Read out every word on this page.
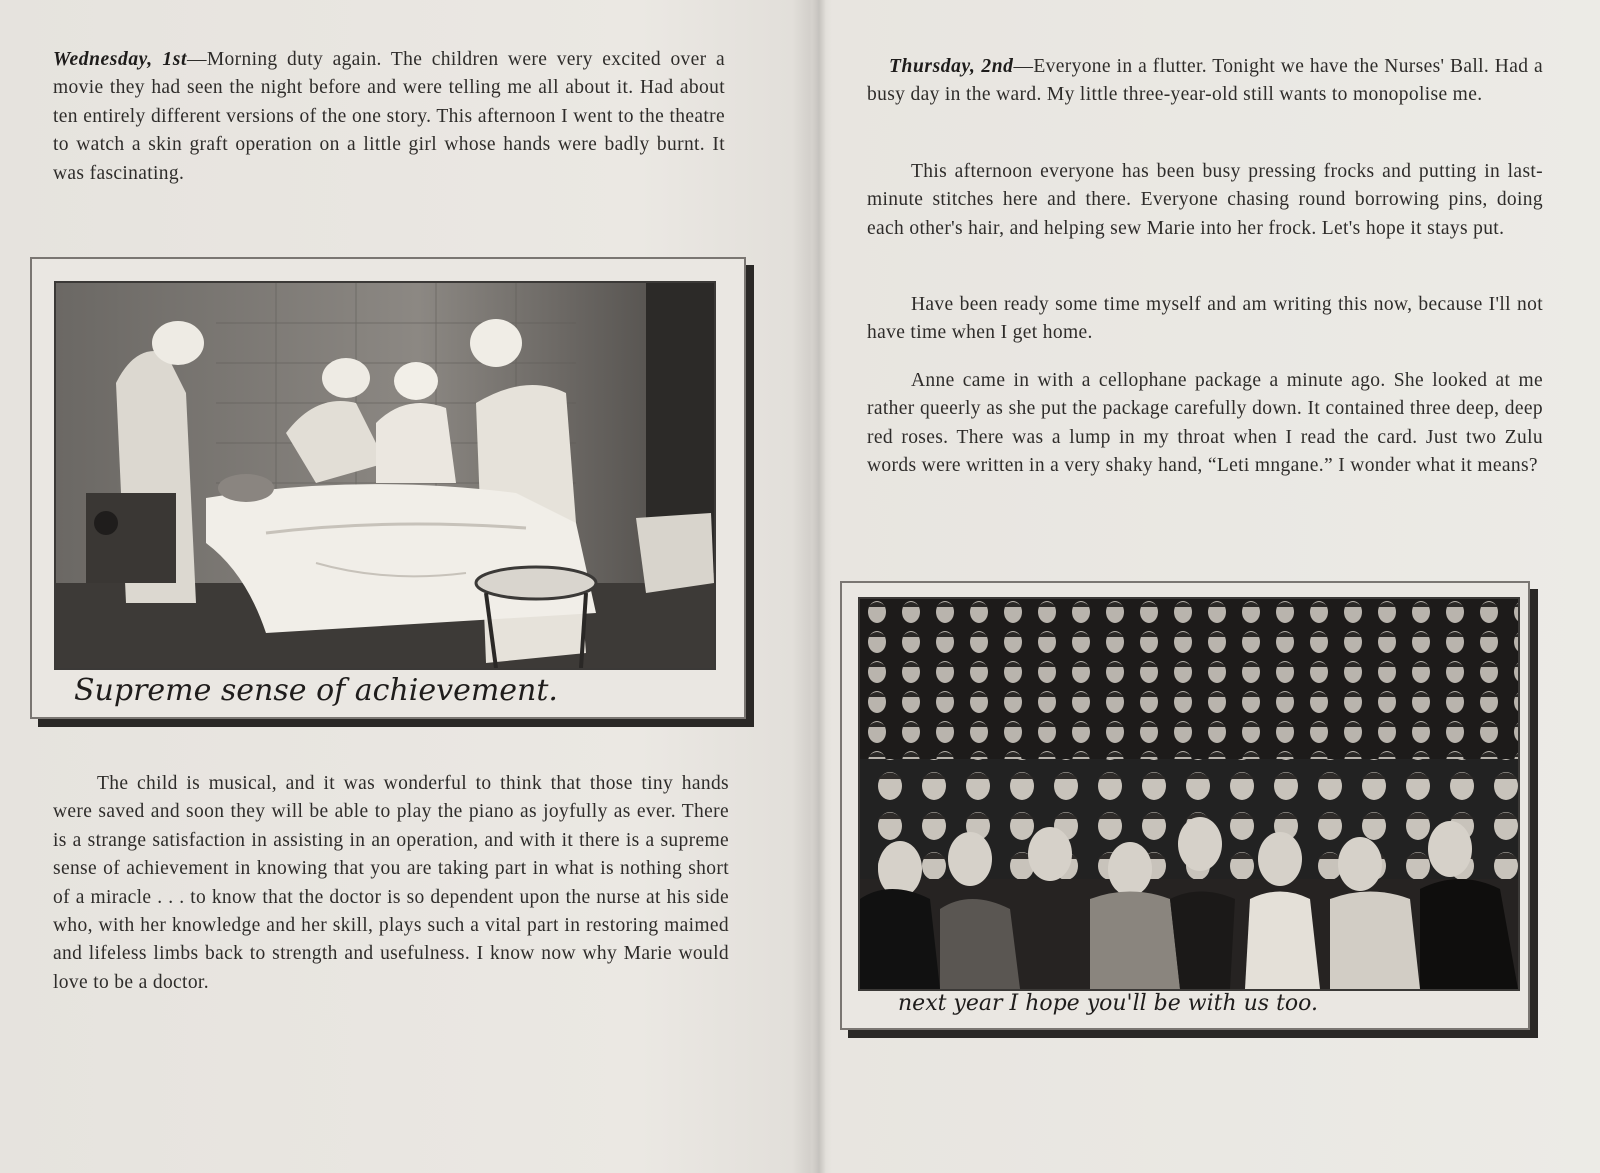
Wednesday, 1st—Morning duty again. The children were very excited over a movie they had seen the night before and were telling me all about it. Had about ten entirely different versions of the one story. This afternoon I went to the theatre to watch a skin graft operation on a little girl whose hands were badly burnt. It was fascinating.

Supreme sense of achievement.

The child is musical, and it was wonderful to think that those tiny hands were saved and soon they will be able to play the piano as joyfully as ever. There is a strange satisfaction in assisting in an operation, and with it there is a supreme sense of achievement in knowing that you are taking part in what is nothing short of a miracle . . . to know that the doctor is so dependent upon the nurse at his side who, with her knowledge and her skill, plays such a vital part in restoring maimed and lifeless limbs back to strength and usefulness. I know now why Marie would love to be a doctor.

Thursday, 2nd—Everyone in a flutter. Tonight we have the Nurses' Ball. Had a busy day in the ward. My little three-year-old still wants to monopolise me.

This afternoon everyone has been busy pressing frocks and putting in last-minute stitches here and there. Everyone chasing round borrowing pins, doing each other's hair, and helping sew Marie into her frock. Let's hope it stays put.

Have been ready some time myself and am writing this now, because I'll not have time when I get home.

Anne came in with a cellophane package a minute ago. She looked at me rather queerly as she put the package carefully down. It contained three deep, deep red roses. There was a lump in my throat when I read the card. Just two Zulu words were written in a very shaky hand, “Leti mngane.” I wonder what it means?

next year I hope you'll be with us too.
